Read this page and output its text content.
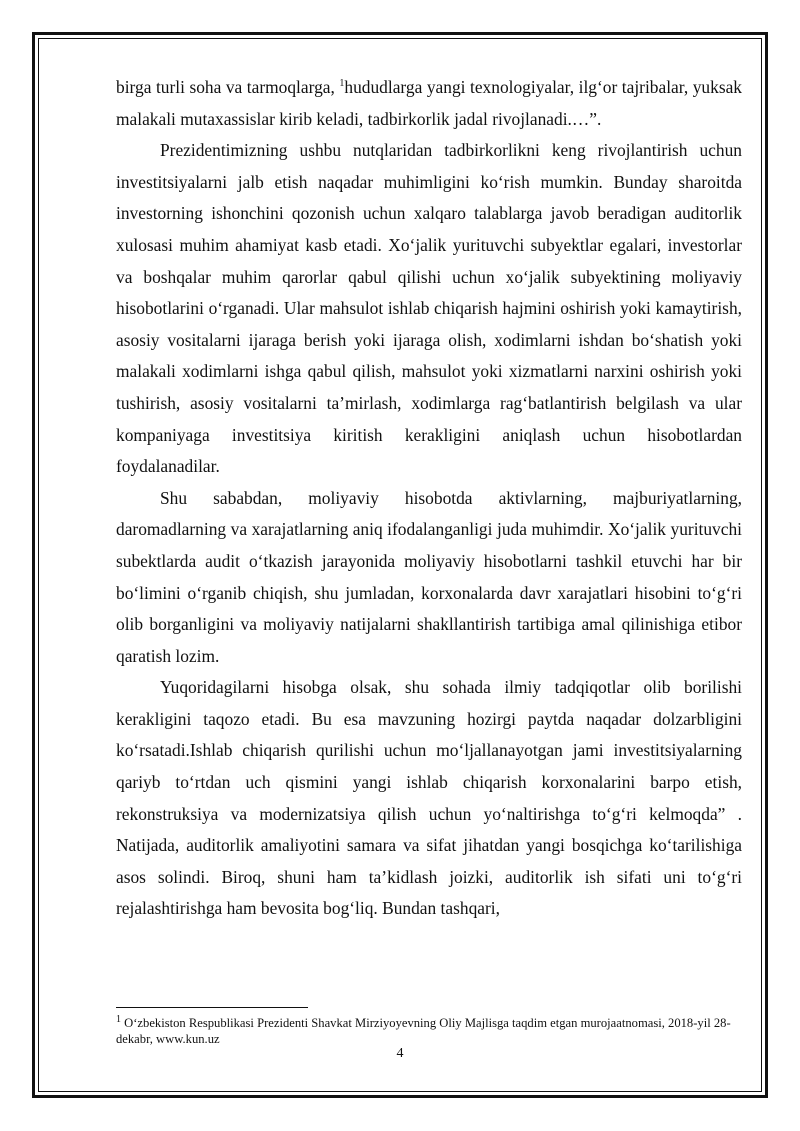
birga turli soha va tarmoqlarga, $^1$hududlarga yangi texnologiyalar, ilg‘or tajribalar, yuksak malakali mutaxassislar kirib keladi, tadbirkorlik jadal rivojlanadi.…”.

Prezidentimizning ushbu nutqlaridan tadbirkorlikni keng rivojlantirish uchun investitsiyalarni jalb etish naqadar muhimligini ko‘rish mumkin. Bunday sharoitda investorning ishonchini qozonish uchun xalqaro talablarga javob beradigan auditorlik xulosasi muhim ahamiyat kasb etadi. Xo‘jalik yurituvchi subyektlar egalari, investorlar va boshqalar muhim qarorlar qabul qilishi uchun xo‘jalik subyektining moliyaviy hisobotlarini o‘rganadi. Ular mahsulot ishlab chiqarish hajmini oshirish yoki kamaytirish, asosiy vositalarni ijaraga berish yoki ijaraga olish, xodimlarni ishdan bo‘shatish yoki malakali xodimlarni ishga qabul qilish, mahsulot yoki xizmatlarni narxini oshirish yoki tushirish, asosiy vositalarni ta’mirlash, xodimlarga rag‘batlantirish belgilash va ular kompaniyaga investitsiya kiritish kerakligini aniqlash uchun hisobotlardan foydalanadilar.

Shu sababdan, moliyaviy hisobotda aktivlarning, majburiyatlarning, daromadlarning va xarajatlarning aniq ifodalanganligi juda muhimdir. Xo‘jalik yurituvchi subektlarda audit o‘tkazish jarayonida moliyaviy hisobotlarni tashkil etuvchi har bir bo‘limini o‘rganib chiqish, shu jumladan, korxonalarda davr xarajatlari hisobini to‘g‘ri olib borganligini va moliyaviy natijalarni shakllantirish tartibiga amal qilinishiga etibor qaratish lozim.

Yuqoridagilarni hisobga olsak, shu sohada ilmiy tadqiqotlar olib borilishi kerakligini taqozo etadi. Bu esa mavzuning hozirgi paytda naqadar dolzarbligini ko‘rsatadi.Ishlab chiqarish qurilishi uchun mo‘ljallanayotgan jami investitsiyalarning qariyb to‘rtdan uch qismini yangi ishlab chiqarish korxonalarini barpo etish, rekonstruksiya va modernizatsiya qilish uchun yo‘naltirishga to‘g‘ri kelmoqda” . Natijada, auditorlik amaliyotini samara va sifat jihatdan yangi bosqichga ko‘tarilishiga asos solindi. Biroq, shuni ham ta’kidlash joizki, auditorlik ish sifati uni to‘g‘ri rejalashtirishga ham bevosita bog‘liq. Bundan tashqari,

$^1$ O‘zbekiston Respublikasi Prezidenti Shavkat Mirziyoyevning Oliy Majlisga taqdim etgan murojaatnomasi, 2018-yil 28-dekabr, www.kun.uz
4
